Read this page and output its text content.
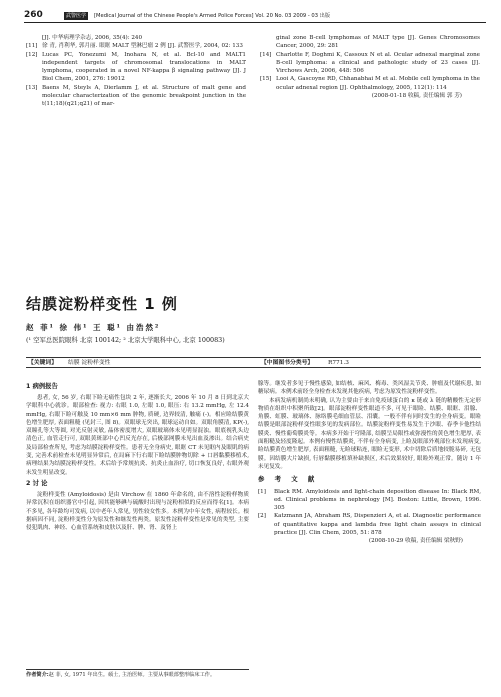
260	武警医学	[Medical Journal of the Chinese People's Armed Police Forces] Vol. 20 No. 03 2009 - 03 出版
[J]. 中华病理学杂志, 2006, 35(4): 240
[11] 徐 青, 肖利华, 郭月丽. 眼眶 MALT 型淋巴瘤 2 例 [J]. 武警医学, 2004, 02: 133
[12] Lucas PC, Yonezumi M, Inohara N, et al. Bcl-10 and MALT1 independent targets of chromosomal translocations in MALT lymphoma, cooperated in a novel NF-kappa β signaling pathway [J]. J Biol Chem, 2001, 276: 19012
[13] Baens M, Steyls A, Dierlamm J, et al. Structure of malt gene and molecular characterization of the genomic breakpoint junction in the t(11;18)(q21;q21) of mar-
ginal zone B-cell lymphomas of MALT type [J]. Genes Chromosomes Cancer, 2000, 29: 281
[14] Charlotte F, Doghmi K, Cassoux N et al. Ocular adnexal marginal zone B-cell lymphoma: a clinical and pathologic study of 23 cases [J]. Virchows Arch, 2006, 448: 506
[15] Looi A, Gascoyne RD, Chhanabhai M et al. Mobile cell lymphoma in the ocular adnexal region [J]. Ophthalmology, 2005, 112(1): 114
(2008-01-18 收稿, 责任编辑 郭 芳)
结膜淀粉样变性 1 例
赵 菲¹ 徐 伟¹ 王 聪¹ 由浩然²
(¹ 空军总医院眼科 北京 100142; ² 北京大学眼科中心, 北京 100083)
【关键词】 结膜 淀粉样变性	【中图图书分类号】	R771.3
1 病例报告
患者, 女, 56 岁, 右眼下睑无痛性包块 2 年, 逐渐长大, 2006 年 10 月 8 日到北京大学眼科中心就诊。眼部检查: 视力: 右眼 1.0, 左眼 1.0, 眼压: 右 13.2 mmHg, 左 12.4 mmHg, 右眼下睑可触及 10 mm×6 mm 肿物, 质硬, 边界较清, 触痛 (-)。相应睑结膜黄色增生肥厚, 表面粗糙 (见封三, 图 8)。双眼球无突出, 眼球运动自如。双眼角膜清, KP(-), 双瞳孔等大等圆, 对光反射灵敏, 晶体密度增大, 双眼玻璃体未见明显混浊。眼底视乳头边清色正, 血管走行可, 双眼黄斑部中心凹反光存在, 后极部网膜未见出血及渗出。结合病史及局部检查所见, 考虑为结膜淀粉样变性。患者无全身病史, 眼眶 CT 未见眶内及眼肌的病变, 完善术前检查未见明显异常后, 在局麻下行右眼下睑结膜肿物切除 + 口唇黏膜移植术, 病理结果为结膜淀粉样变性。术后给予常规抗炎、抗炎止血治疗, 切口恢复良好, 右眼外观未发生明显改变。
2 讨 论
淀粉样变性 (Amyloidosis) 是由 Virchow 在 1860 年命名的, 由不溶性淀粉样物质异常沉积在组织器官中引起, 因其能够碘与硫酸时出现与淀粉相似的反应而得名[1]。本病不多见, 各年龄均可发病, 以中老年人常见, 男性较女性多。本例为中年女性, 病程较长。根据病因不同, 淀粉样变性分为原发性和继发性两类。原发性淀粉样变性是常见的类型, 主要侵犯肌肉、神经、心血管系统和皮肤以及肝、脾、肾、及肾上
腺等。继发者多见于慢性感染, 如结核、麻风、梅毒、类风湿关节炎、肿瘤及代谢疾患, 如糖尿病。本例术前经全身检查未发现其他疾病, 考虑为原发性淀粉样变性。
本病发病机制尚未明确, 认为主要由于来自免疫球蛋白的 κ 链或 λ 链的精酸性无定形物质在组织中积聚所致[2]。眼部淀粉样变性眼道不多, 可见于眼睑、结膜、眼眶、泪腺、角膜、虹膜、玻璃体、脉络膜毛细血管层、泪囊。一般不伴有同时发生的全身病变。眼睑结膜是眼部淀粉样变性眼多见的发病部位。结膜淀粉样变性易发生于沙眼、春季卡他性结膜炎、慢性葡萄膜炎等。本病多开始于穹隆部, 结膜呈局限性或弥漫性的黄色增生肥厚, 表面粗糙及轻度隆起。本例有慢性结膜炎, 不伴有全身病变, 上睑及眼部外观部位未发现病变, 睑结膜黄色增生肥厚, 表面粗糙, 无睑球粘连, 眼睑无变形, 术中切除后质地较脆易碎, 无包膜。因结膜大片缺损, 行唇黏膜移植填补缺损区, 术后效果较好, 眼睑外观正常。随访 1 年未见复发。
参 考 文 献
[1] Black RM. Amyloidosis and light-chain deposition disease In: Black RM, ed. Clinical problems in nephrology [M]. Boston: Little, Brown, 1996. 305
[2] Katzmann JA, Abraham RS, Dispenzieri A, et al. Diagnostic performance of quantitative kappa and lambda free light chain assays in clinical practice [J]. Clin Chem, 2005, 51: 878
(2008-10-29 收稿, 责任编辑 梁秋野)
作者简介:赵 菲, 女, 1971 年出生。硕士, 主治医师。主要从事眼部整形临床工作。
